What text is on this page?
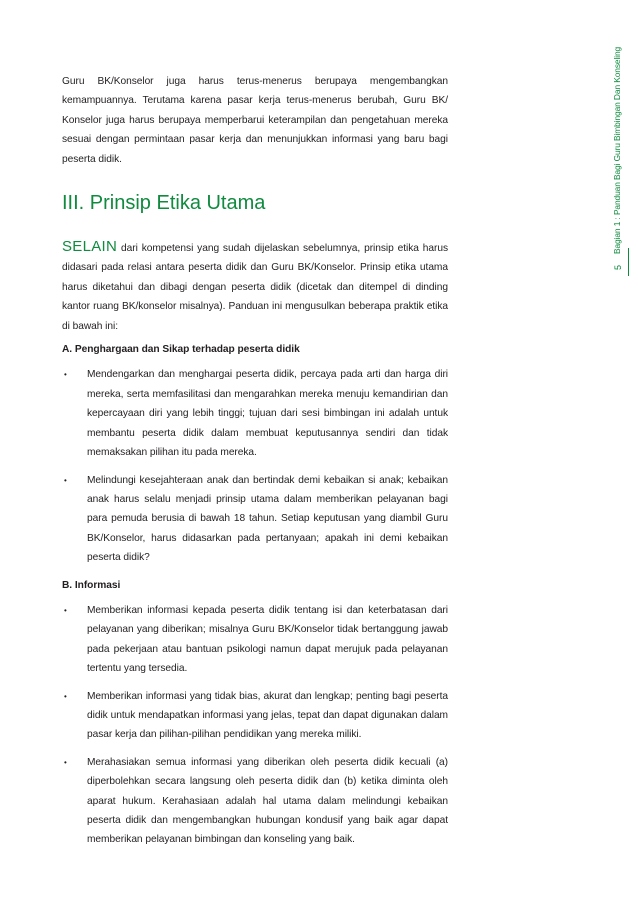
Guru BK/Konselor juga harus terus-menerus berupaya mengembangkan kemampuannya. Terutama karena pasar kerja terus-menerus berubah, Guru BK/ Konselor juga harus berupaya memperbarui keterampilan dan pengetahuan mereka sesuai dengan permintaan pasar kerja dan menunjukkan informasi yang baru bagi peserta didik.

III. Prinsip Etika Utama

SELAIN dari kompetensi yang sudah dijelaskan sebelumnya, prinsip etika harus didasari pada relasi antara peserta didik dan Guru BK/Konselor. Prinsip etika utama harus diketahui dan dibagi dengan peserta didik (dicetak dan ditempel di dinding kantor ruang BK/konselor misalnya). Panduan ini mengusulkan beberapa praktik etika di bawah ini:

A. Penghargaan dan Sikap terhadap peserta didik
• Mendengarkan dan menghargai peserta didik, percaya pada arti dan harga diri mereka, serta memfasilitasi dan mengarahkan mereka menuju kemandirian dan kepercayaan diri yang lebih tinggi; tujuan dari sesi bimbingan ini adalah untuk membantu peserta didik dalam membuat keputusannya sendiri dan tidak memaksakan pilihan itu pada mereka.
• Melindungi kesejahteraan anak dan bertindak demi kebaikan si anak; kebaikan anak harus selalu menjadi prinsip utama dalam memberikan pelayanan bagi para pemuda berusia di bawah 18 tahun. Setiap keputusan yang diambil Guru BK/Konselor, harus didasarkan pada pertanyaan; apakah ini demi kebaikan peserta didik?
B. Informasi
• Memberikan informasi kepada peserta didik tentang isi dan keterbatasan dari pelayanan yang diberikan; misalnya Guru BK/Konselor tidak bertanggung jawab pada pekerjaan atau bantuan psikologi namun dapat merujuk pada pelayanan tertentu yang tersedia.
• Memberikan informasi yang tidak bias, akurat dan lengkap; penting bagi peserta didik untuk mendapatkan informasi yang jelas, tepat dan dapat digunakan dalam pasar kerja dan pilihan-pilihan pendidikan yang mereka miliki.
• Merahasiakan semua informasi yang diberikan oleh peserta didik kecuali (a) diperbolehkan secara langsung oleh peserta didik dan (b) ketika diminta oleh aparat hukum. Kerahasiaan adalah hal utama dalam melindungi kebaikan peserta didik dan mengembangkan hubungan kondusif yang baik agar dapat memberikan pelayanan bimbingan dan konseling yang baik.
Bagian 1 : Panduan Bagi Guru Bimbingan Dan Konseling
5
